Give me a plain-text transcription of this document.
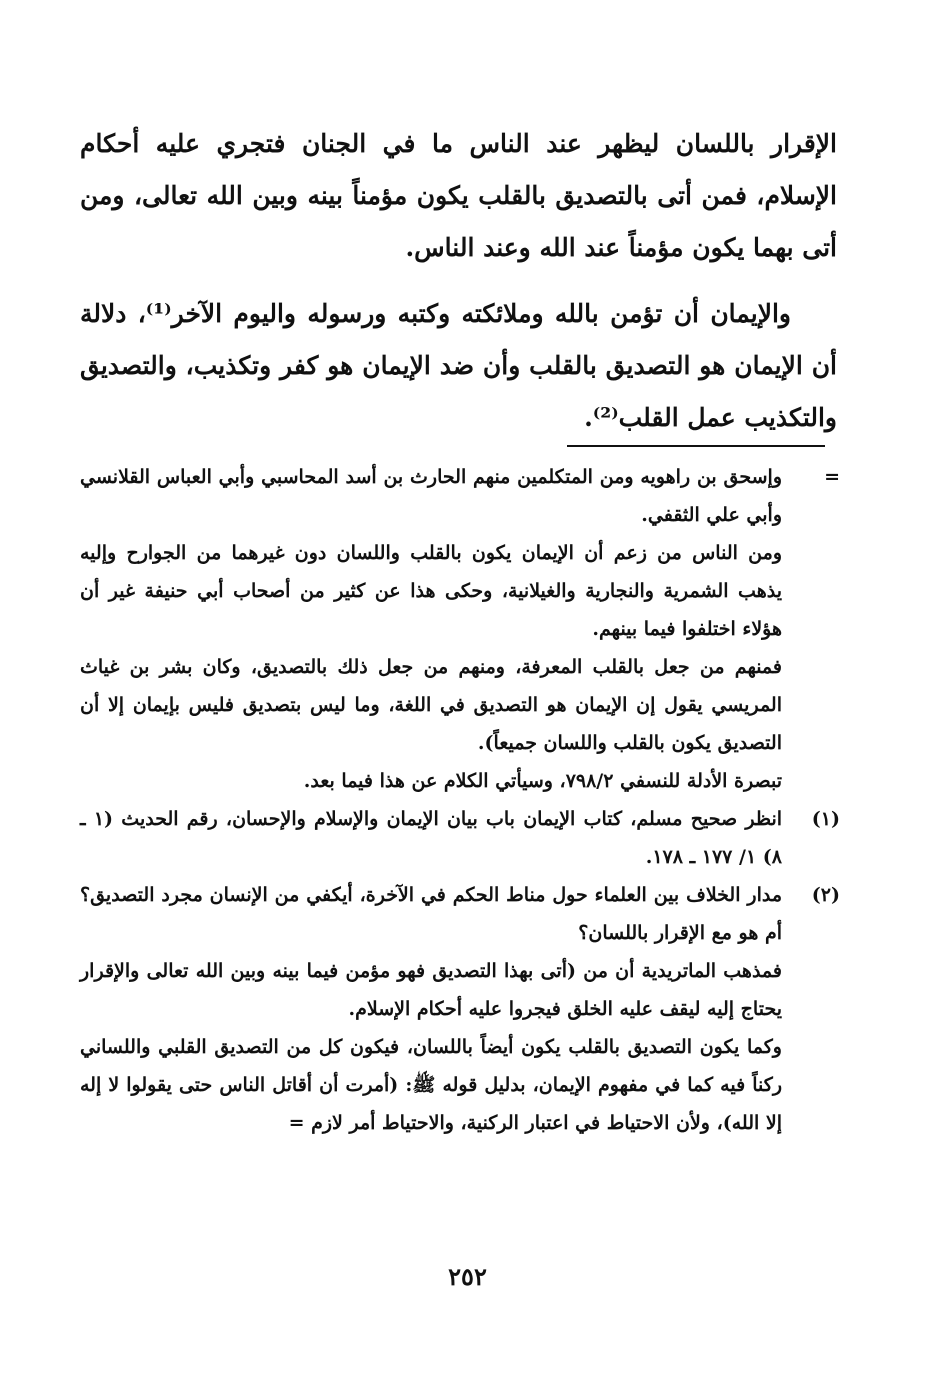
الإقرار باللسان ليظهر عند الناس ما في الجنان فتجري عليه أحكام الإسلام، فمن أتى بالتصديق بالقلب يكون مؤمناً بينه وبين الله تعالى، ومن أتى بهما يكون مؤمناً عند الله وعند الناس.

والإيمان أن تؤمن بالله وملائكته وكتبه ورسوله واليوم الآخر⁽¹⁾، دلالة أن الإيمان هو التصديق بالقلب وأن ضد الإيمان هو كفر وتكذيب، والتصديق والتكذيب عمل القلب⁽²⁾.

=
وإسحق بن راهويه ومن المتكلمين منهم الحارث بن أسد المحاسبي وأبي العباس القلانسي وأبي علي الثقفي.

ومن الناس من زعم أن الإيمان يكون بالقلب واللسان دون غيرهما من الجوارح وإليه يذهب الشمرية والنجارية والغيلانية، وحكى هذا عن كثير من أصحاب أبي حنيفة غير أن هؤلاء اختلفوا فيما بينهم.

فمنهم من جعل بالقلب المعرفة، ومنهم من جعل ذلك بالتصديق، وكان بشر بن غياث المريسي يقول إن الإيمان هو التصديق في اللغة، وما ليس بتصديق فليس بإيمان إلا أن التصديق يكون بالقلب واللسان جميعاً).

تبصرة الأدلة للنسفي ٧٩٨/٢، وسيأتي الكلام عن هذا فيما بعد.

(١)
انظر صحيح مسلم، كتاب الإيمان باب بيان الإيمان والإسلام والإحسان، رقم الحديث (١ ـ ٨) ١/ ١٧٧ ـ ١٧٨.

(٢)
مدار الخلاف بين العلماء حول مناط الحكم في الآخرة، أيكفي من الإنسان مجرد التصديق؟ أم هو مع الإقرار باللسان؟

فمذهب الماتريدية أن من (أتى بهذا التصديق فهو مؤمن فيما بينه وبين الله تعالى والإقرار يحتاج إليه ليقف عليه الخلق فيجروا عليه أحكام الإسلام.

وكما يكون التصديق بالقلب يكون أيضاً باللسان، فيكون كل من التصديق القلبي واللساني ركناً فيه كما في مفهوم الإيمان، بدليل قوله ﷺ: (أمرت أن أقاتل الناس حتى يقولوا لا إله إلا الله)، ولأن الاحتياط في اعتبار الركنية، والاحتياط أمر لازم =

٢٥٢
